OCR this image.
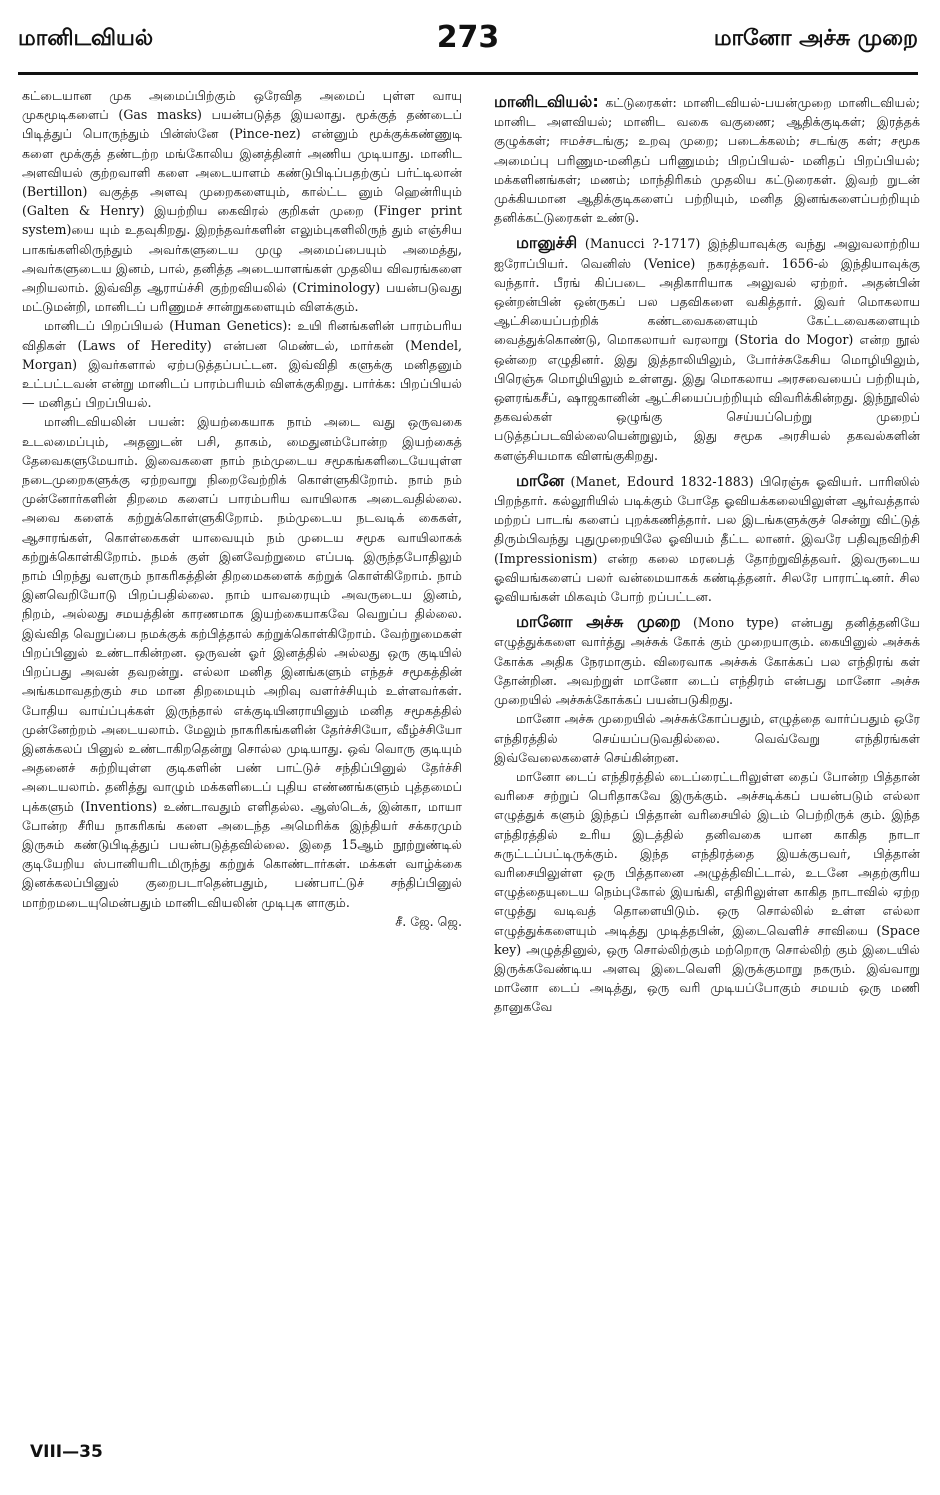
மானிடவியல்	273	மானோ அச்சு முறை

கட்டையான முக அமைப்பிற்கும் ஒரேவித அமைப் புள்ள வாயு முகமூடிகளைப் (Gas masks) பயன்படுத்த இயலாது. மூக்குத் தண்டைப் பிடித்துப் பொருந்தும் பின்ஸ்னே (Pince-nez) என்னும் மூக்குக்கண்ணுடி களை மூக்குத் தண்டற்ற மங்கோலிய இனத்தினர் அணிய முடியாது. மானிட அளவியல் குற்றவாளி களை அடையாளம் கண்டுபிடிப்பதற்குப் பர்ட்டிலான் (Bertillon) வகுத்த அளவு முறைகளையும், கால்ட்ட னும் ஹென்ரியும் (Galten & Henry) இயற்றிய கைவிரல் குறிகள் முறை (Finger print system)யை யும் உதவுகிறது. இறந்தவர்களின் எலும்புகளிலிருந் தும் எஞ்சிய பாகங்களிலிருந்தும் அவர்களுடைய முழு அமைப்பையும் அமைத்து, அவர்களுடைய இனம், பால், தனித்த அடையாளங்கள் முதலிய விவரங்களை அறியலாம். இவ்வித ஆராய்ச்சி குற்றவியலில் (Criminology) பயன்படுவது மட்டுமன்றி, மானிடப் பரிணுமச் சான்றுகளையும் விளக்கும்.

மானிடப் பிறப்பியல் (Human Genetics): உயி ரினங்களின் பாரம்பரிய விதிகள் (Laws of Heredity) என்பன மெண்டல், மார்கன் (Mendel, Morgan) இவர்களால் ஏற்படுத்தப்பட்டன. இவ்விதி களுக்கு மனிதனும் உட்பட்டவன் என்று மானிடப் பாரம்பரியம் விளக்குகிறது. பார்க்க: பிறப்பியல்— மனிதப் பிறப்பியல்.

மானிடவியலின் பயன்: இயற்கையாக நாம் அடை வது ஒருவகை உடலமைப்பும், அதனுடன் பசி, தாகம், மைதுனம்போன்ற இயற்கைத் தேவைகளுமேயாம். இவைகளை நாம் நம்முடைய சமூகங்களிடையேயுள்ள நடைமுறைகளுக்கு ஏற்றவாறு நிறைவேற்றிக் கொள்ளுகிறோம். நாம் நம் முன்னோர்களின் திறமை களைப் பாரம்பரிய வாயிலாக அடைவதில்லை. அவை களைக் கற்றுக்கொள்ளுகிறோம். நம்முடைய நடவடிக் கைகள், ஆசாரங்கள், கொள்கைகள் யாவையும் நம் முடைய சமூக வாயிலாகக் கற்றுக்கொள்கிறோம். நமக் குள் இனவேற்றுமை எப்படி இருந்தபோதிலும் நாம் பிறந்து வளரும் நாகரிகத்தின் திறமைகளைக் கற்றுக் கொள்கிறோம். நாம் இனவெறியோடு பிறப்பதில்லை. நாம் யாவரையும் அவருடைய இனம், நிறம், அல்லது சமயத்தின் காரணமாக இயற்கையாகவே வெறுப்ப தில்லை. இவ்வித வெறுப்பை நமக்குக் கற்பித்தால் கற்றுக்கொள்கிறோம். வேற்றுமைகள் பிறப்பினுல் உண்டாகின்றன. ஒருவன் ஓர் இனத்தில் அல்லது ஒரு குடியில் பிறப்பது அவன் தவறன்று. எல்லா மனித இனங்களும் எந்தச் சமூகத்தின் அங்கமாவதற்கும் சம மான திறமையும் அறிவு வளர்ச்சியும் உள்ளவர்கள். போதிய வாய்ப்புக்கள் இருந்தால் எக்குடியினராயினும் மனித சமூகத்தில் முன்னேற்றம் அடையலாம். மேலும் நாகரிகங்களின் தேர்ச்சியோ, வீழ்ச்சியோ இனக்கலப் பினுல் உண்டாகிறதென்று சொல்ல முடியாது. ஒவ் வொரு குடியும் அதனைச் சுற்றியுள்ள குடிகளின் பண் பாட்டுச் சந்திப்பினுல் தேர்ச்சி அடையலாம். தனித்து வாழும் மக்களிடைப் புதிய எண்ணங்களும் புத்தமைப் புக்களும் (Inventions) உண்டாவதும் எளிதல்ல. ஆஸ்டெக், இன்கா, மாயா போன்ற சீரிய நாகரிகங் களை அடைந்த அமெரிக்க இந்தியர் சக்கரமும் இருசும் கண்டுபிடித்துப் பயன்படுத்தவில்லை. இதை 15ஆம் நூற்றுண்டில் குடியேறிய ஸ்பானியரிடமிருந்து கற்றுக் கொண்டார்கள். மக்கள் வாழ்க்கை இனக்கலப்பினுல் குறைபடாதென்பதும், பண்பாட்டுச் சந்திப்பினுல் மாற்றமடையுமென்பதும் மானிடவியலின் முடிபுக ளாகும்.

சீ. ஜே. ஜெ.

மானிடவியல்: கட்டுரைகள்: மானிடவியல்-பயன்முறை மானிடவியல்; மானிட அளவியல்; மானிட வகை வகுணை; ஆதிக்குடிகள்; இரத்தக் குழுக்கள்; ஈமச்சடங்கு; உறவு முறை; படைக்கலம்; சடங்கு கள்; சமூக அமைப்பு பரிணும-மனிதப் பரிணுமம்; பிறப்பியல்- மனிதப் பிறப்பியல்; மக்களினங்கள்; மணம்; மாந்திரிகம் முதலிய கட்டுரைகள். இவற் றுடன் முக்கியமான ஆதிக்குடிகளைப் பற்றியும், மனித இனங்களைப்பற்றியும் தனிக்கட்டுரைகள் உண்டு.

மானுச்சி (Manucci ?-1717) இந்தியாவுக்கு வந்து அலுவலாற்றிய ஐரோப்பியர். வெனிஸ் (Venice) நகரத்தவர். 1656-ல் இந்தியாவுக்கு வந்தார். பீரங் கிப்படை அதிகாரியாக அலுவல் ஏற்றர். அதன்பின் ஒன்றன்பின் ஒன்ருகப் பல பதவிகளை வகித்தார். இவர் மொகலாய ஆட்சியைப்பற்றிக் கண்டவைகளையும் கேட்டவைகளையும் வைத்துக்கொண்டு, மொகலாயர் வரலாறு (Storia do Mogor) என்ற நூல் ஒன்றை எழுதினர். இது இத்தாலியிலும், போர்ச்சுகேசிய மொழியிலும், பிரெஞ்சு மொழியிலும் உள்ளது. இது மொகலாய அரசவையைப் பற்றியும், ஔரங்கசீப், ஷாஜகானின் ஆட்சியைப்பற்றியும் விவரிக்கின்றது. இந்நூலில் தகவல்கள் ஒழுங்கு செய்யப்பெற்று முறைப் படுத்தப்படவில்லையென்றுலும், இது சமூக அரசியல் தகவல்களின் களஞ்சியமாக விளங்குகிறது.

மானே (Manet, Edourd 1832-1883) பிரெஞ்சு ஓவியர். பாரிஸில் பிறந்தார். கல்லூரியில் படிக்கும் போதே ஓவியக்கலையிலுள்ள ஆர்வத்தால் மற்றப் பாடங் களைப் புறக்கணித்தார். பல இடங்களுக்குச் சென்று விட்டுத் திரும்பிவந்து புதுமுறையிலே ஓவியம் தீட்ட லானர். இவரே பதிவுநவிற்சி (Impressionism) என்ற கலை மரபைத் தோற்றுவித்தவர். இவருடைய ஓவியங்களைப் பலர் வன்மையாகக் கண்டித்தனர். சிலரே பாராட்டினர். சில ஓவியங்கள் மிகவும் போற் றப்பட்டன.

மானோ அச்சு முறை (Mono type) என்பது தனித்தனியே எழுத்துக்களை வார்த்து அச்சுக் கோக் கும் முறையாகும். கையினுல் அச்சுக் கோக்க அதிக நேரமாகும். விரைவாக அச்சுக் கோக்கப் பல எந்திரங் கள் தோன்றின. அவற்றுள் மானோ டைப் எந்திரம் என்பது மானோ அச்சு முறையில் அச்சுக்கோக்கப் பயன்படுகிறது.

மானோ அச்சு முறையில் அச்சுக்கோப்பதும், எழுத்தை வார்ப்பதும் ஒரே எந்திரத்தில் செய்யப்படுவதில்லை. வெவ்வேறு எந்திரங்கள் இவ்வேலைகளைச் செய்கின்றன.

மானோ டைப் எந்திரத்தில் டைப்ரைட்டரிலுள்ள தைப் போன்ற பித்தான் வரிசை சற்றுப் பெரிதாகவே இருக்கும். அச்சடிக்கப் பயன்படும் எல்லா எழுத்துக் களும் இந்தப் பித்தான் வரிசையில் இடம் பெற்றிருக் கும். இந்த எந்திரத்தில் உரிய இடத்தில் தனிவகை யான காகித நாடா சுருட்டப்பட்டிருக்கும். இந்த எந்திரத்தை இயக்குபவர், பித்தான் வரிசையிலுள்ள ஒரு பித்தானை அழுத்திவிட்டால், உடனே அதற்குரிய எழுத்தையுடைய நெம்புகோல் இயங்கி, எதிரிலுள்ள காகித நாடாவில் ஏற்ற எழுத்து வடிவத் தொளையிடும். ஒரு சொல்லில் உள்ள எல்லா எழுத்துக்களையும் அடித்து முடித்தபின், இடைவெளிச் சாவியை (Space key) அழுத்தினுல், ஒரு சொல்லிற்கும் மற்றொரு சொல்லிற் கும் இடையில் இருக்கவேண்டிய அளவு இடைவெளி இருக்குமாறு நகரும். இவ்வாறு மானோ டைப் அடித்து, ஒரு வரி முடியப்போகும் சமயம் ஒரு மணி தானுகவே

VIII—35
